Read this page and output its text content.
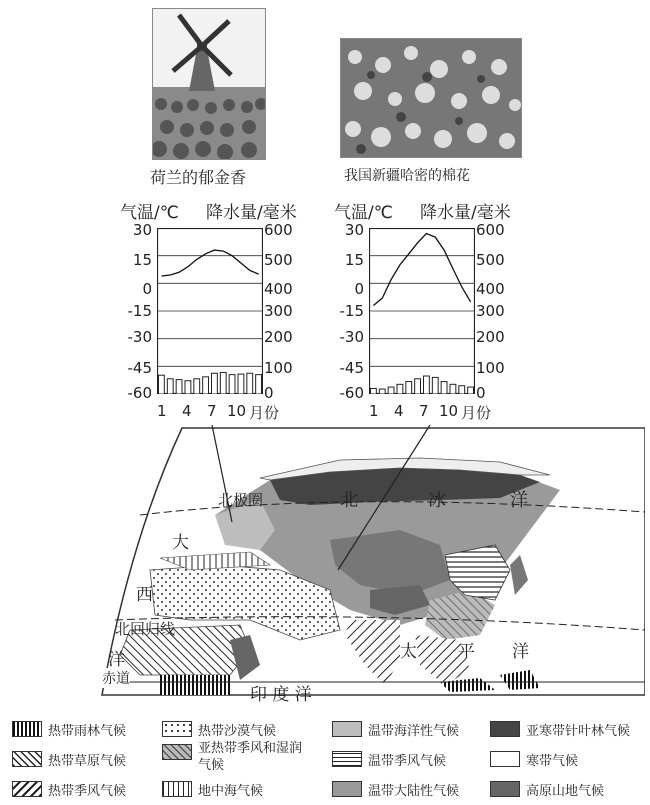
荷兰的郁金香	我国新疆哈密的棉花
气温/℃ 降水量/毫米 气温/℃ 降水量/毫米
30
15
0
-15
-30
-45
-60
600
500
400
300
200
100
0
30
15
0
-15
-30
-45
-60
600
500
400
300
200
100
0
1 4 7 10 月份	1 4 7 10 月份
北极圈
北回归线
赤道
北	冰	洋
大
西
洋	太 平 洋
印 度 洋
热带雨林气候	热带沙漠气候	温带海洋性气候	亚寒带针叶林气候
热带草原气候
亚热带季风和湿润气候	温带季风气候	寒带气候
热带季风气候	地中海气候	温带大陆性气候	高原山地气候
